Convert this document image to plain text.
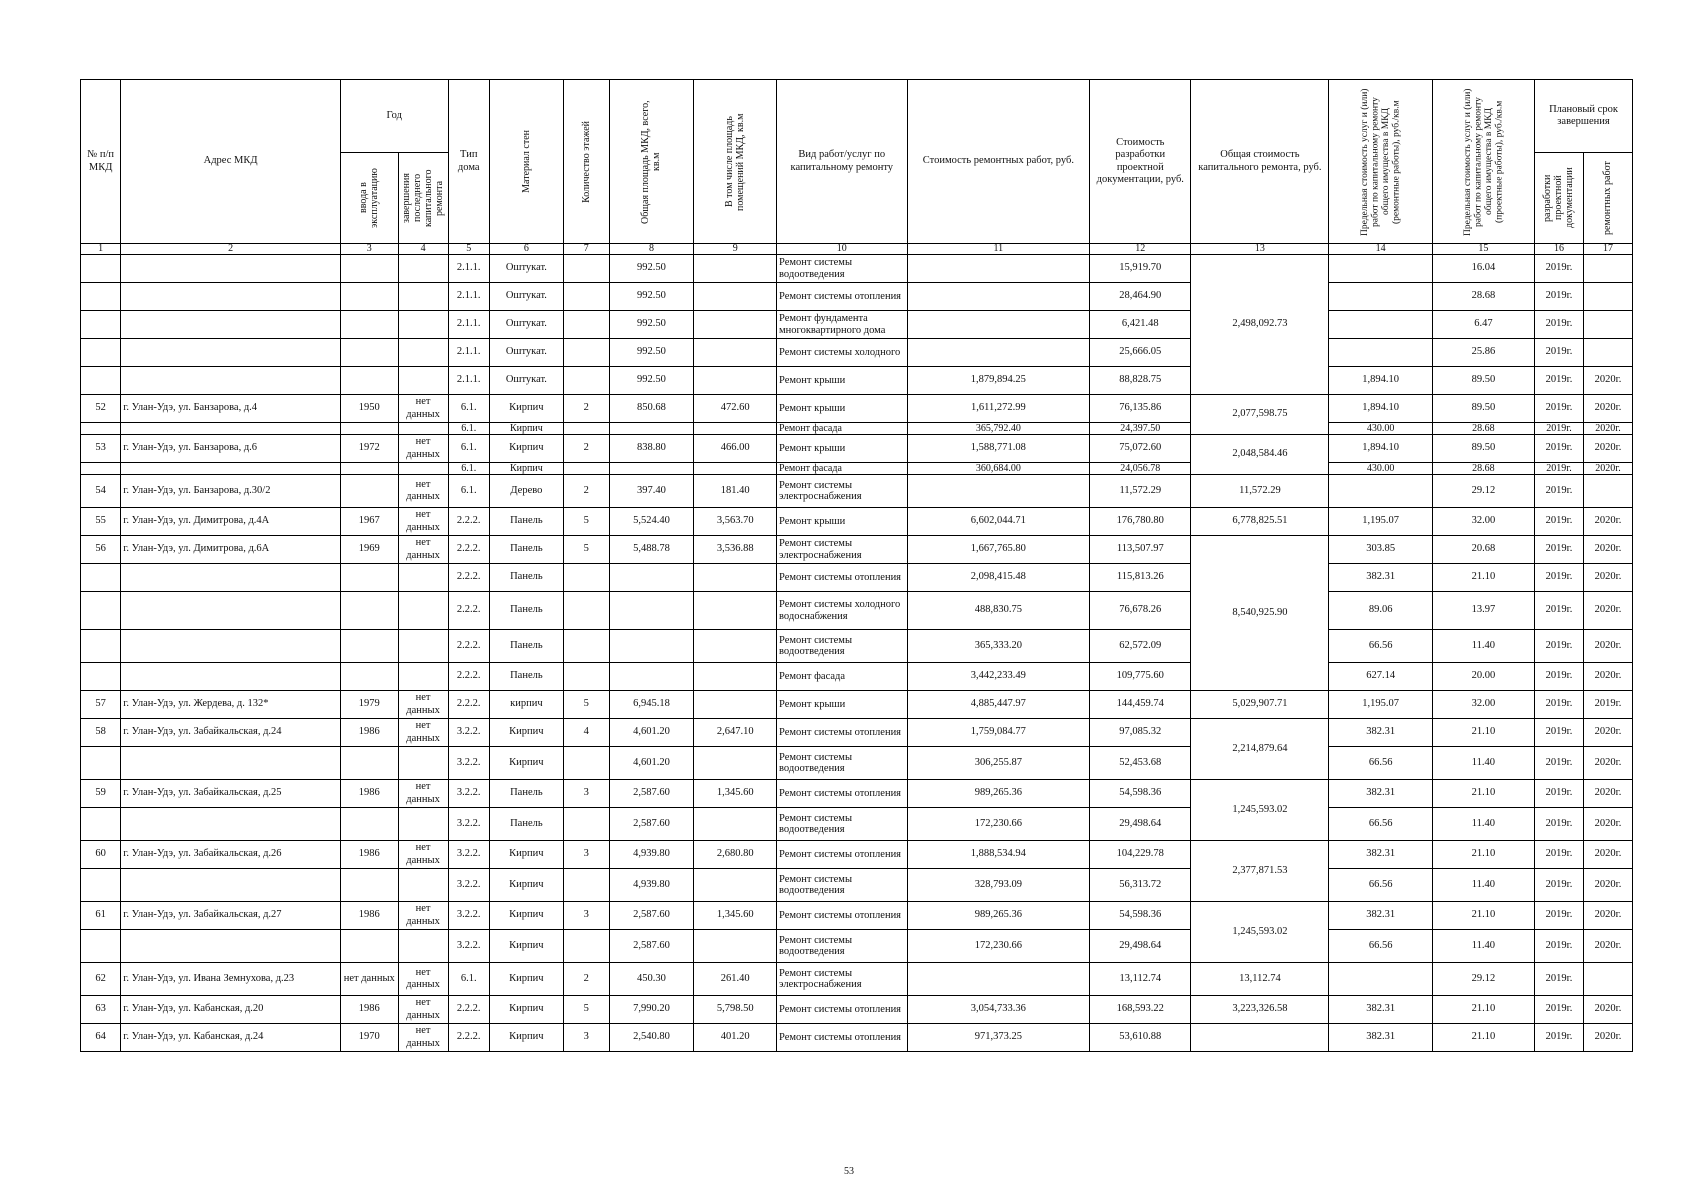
№ п/п МКД	Адрес МКД	Год		Тип дома	Материал стен	Количество этажей	Общая площадь МКД, всего, кв.м	В том числе площадь помещений МКД, кв.м	Вид работ/услуг по капитальному ремонту	Стоимость ремонтных работ, руб.	Стоимость разработки проектной документации, руб.	Общая стоимость капитального ремонта, руб.	Предельная стоимость услуг и (или) работ по капитальному ремонту общего имущества в МКД (ремонтные работы), руб./кв.м	Предельная стоимость услуг и (или) работ по капитальному ремонту общего имущества в МКД (проектные работы), руб./кв.м	Плановый срок завершения	

		ввода в эксплуатацию	завершения последнего капитального ремонта												разработки проектной документации	ремонтных работ

1	2	3	4	5	6	7	8	9	10	11	12	13	14	15	16	17
				2.1.1.	Оштукат.		992.50		Ремонт системы водоотведения		15,919.70	2,498,092.73		16.04	2019г.	
				2.1.1.	Оштукат.		992.50		Ремонт системы отопления		28,464.90			28.68	2019г.	
				2.1.1.	Оштукат.		992.50		Ремонт фундамента многоквартирного дома		6,421.48			6.47	2019г.	
				2.1.1.	Оштукат.		992.50		Ремонт системы холодного		25,666.05			25.86	2019г.	
				2.1.1.	Оштукат.		992.50		Ремонт крыши	1,879,894.25	88,828.75		1,894.10	89.50	2019г.	2020г.
52	г. Улан-Удэ, ул. Банзарова, д.4	1950	нет данных	6.1.	Кирпич	2	850.68	472.60	Ремонт крыши	1,611,272.99	76,135.86	2,077,598.75	1,894.10	89.50	2019г.	2020г.
				6.1.	Кирпич				Ремонт фасада	365,792.40	24,397.50		430.00	28.68	2019г.	2020г.
53	г. Улан-Удэ, ул. Банзарова, д.6	1972	нет данных	6.1.	Кирпич	2	838.80	466.00	Ремонт крыши	1,588,771.08	75,072.60	2,048,584.46	1,894.10	89.50	2019г.	2020г.
				6.1.	Кирпич				Ремонт фасада	360,684.00	24,056.78		430.00	28.68	2019г.	2020г.
54	г. Улан-Удэ, ул. Банзарова, д.30/2		нет данных	6.1.	Дерево	2	397.40	181.40	Ремонт системы электроснабжения		11,572.29	11,572.29		29.12	2019г.	
55	г. Улан-Удэ, ул. Димитрова, д.4А	1967	нет данных	2.2.2.	Панель	5	5,524.40	3,563.70	Ремонт крыши	6,602,044.71	176,780.80	6,778,825.51	1,195.07	32.00	2019г.	2020г.
56	г. Улан-Удэ, ул. Димитрова, д.6А	1969	нет данных	2.2.2.	Панель	5	5,488.78	3,536.88	Ремонт системы электроснабжения	1,667,765.80	113,507.97	8,540,925.90	303.85	20.68	2019г.	2020г.
				2.2.2.	Панель				Ремонт системы отопления	2,098,415.48	115,813.26		382.31	21.10	2019г.	2020г.
				2.2.2.	Панель				Ремонт системы холодного водоснабжения	488,830.75	76,678.26		89.06	13.97	2019г.	2020г.
				2.2.2.	Панель				Ремонт системы водоотведения	365,333.20	62,572.09		66.56	11.40	2019г.	2020г.
				2.2.2.	Панель				Ремонт фасада	3,442,233.49	109,775.60		627.14	20.00	2019г.	2020г.
57	г. Улан-Удэ, ул. Жердева, д. 132*	1979	нет данных	2.2.2.	кирпич	5	6,945.18		Ремонт крыши	4,885,447.97	144,459.74	5,029,907.71	1,195.07	32.00	2019г.	2019г.
58	г. Улан-Удэ, ул. Забайкальская, д.24	1986	нет данных	3.2.2.	Кирпич	4	4,601.20	2,647.10	Ремонт системы отопления	1,759,084.77	97,085.32	2,214,879.64	382.31	21.10	2019г.	2020г.
				3.2.2.	Кирпич		4,601.20		Ремонт системы водоотведения	306,255.87	52,453.68		66.56	11.40	2019г.	2020г.
59	г. Улан-Удэ, ул. Забайкальская, д.25	1986	нет данных	3.2.2.	Панель	3	2,587.60	1,345.60	Ремонт системы отопления	989,265.36	54,598.36	1,245,593.02	382.31	21.10	2019г.	2020г.
				3.2.2.	Панель		2,587.60		Ремонт системы водоотведения	172,230.66	29,498.64		66.56	11.40	2019г.	2020г.
60	г. Улан-Удэ, ул. Забайкальская, д.26	1986	нет данных	3.2.2.	Кирпич	3	4,939.80	2,680.80	Ремонт системы отопления	1,888,534.94	104,229.78	2,377,871.53	382.31	21.10	2019г.	2020г.
				3.2.2.	Кирпич		4,939.80		Ремонт системы водоотведения	328,793.09	56,313.72		66.56	11.40	2019г.	2020г.
61	г. Улан-Удэ, ул. Забайкальская, д.27	1986	нет данных	3.2.2.	Кирпич	3	2,587.60	1,345.60	Ремонт системы отопления	989,265.36	54,598.36	1,245,593.02	382.31	21.10	2019г.	2020г.
				3.2.2.	Кирпич		2,587.60		Ремонт системы водоотведения	172,230.66	29,498.64		66.56	11.40	2019г.	2020г.
62	г. Улан-Удэ, ул. Ивана Земнухова, д.23	нет данных	нет данных	6.1.	Кирпич	2	450.30	261.40	Ремонт системы электроснабжения		13,112.74	13,112.74		29.12	2019г.	
63	г. Улан-Удэ, ул. Кабанская, д.20	1986	нет данных	2.2.2.	Кирпич	5	7,990.20	5,798.50	Ремонт системы отопления	3,054,733.36	168,593.22	3,223,326.58	382.31	21.10	2019г.	2020г.
64	г. Улан-Удэ, ул. Кабанская, д.24	1970	нет данных	2.2.2.	Кирпич	3	2,540.80	401.20	Ремонт системы отопления	971,373.25	53,610.88		382.31	21.10	2019г.	2020г.
53
